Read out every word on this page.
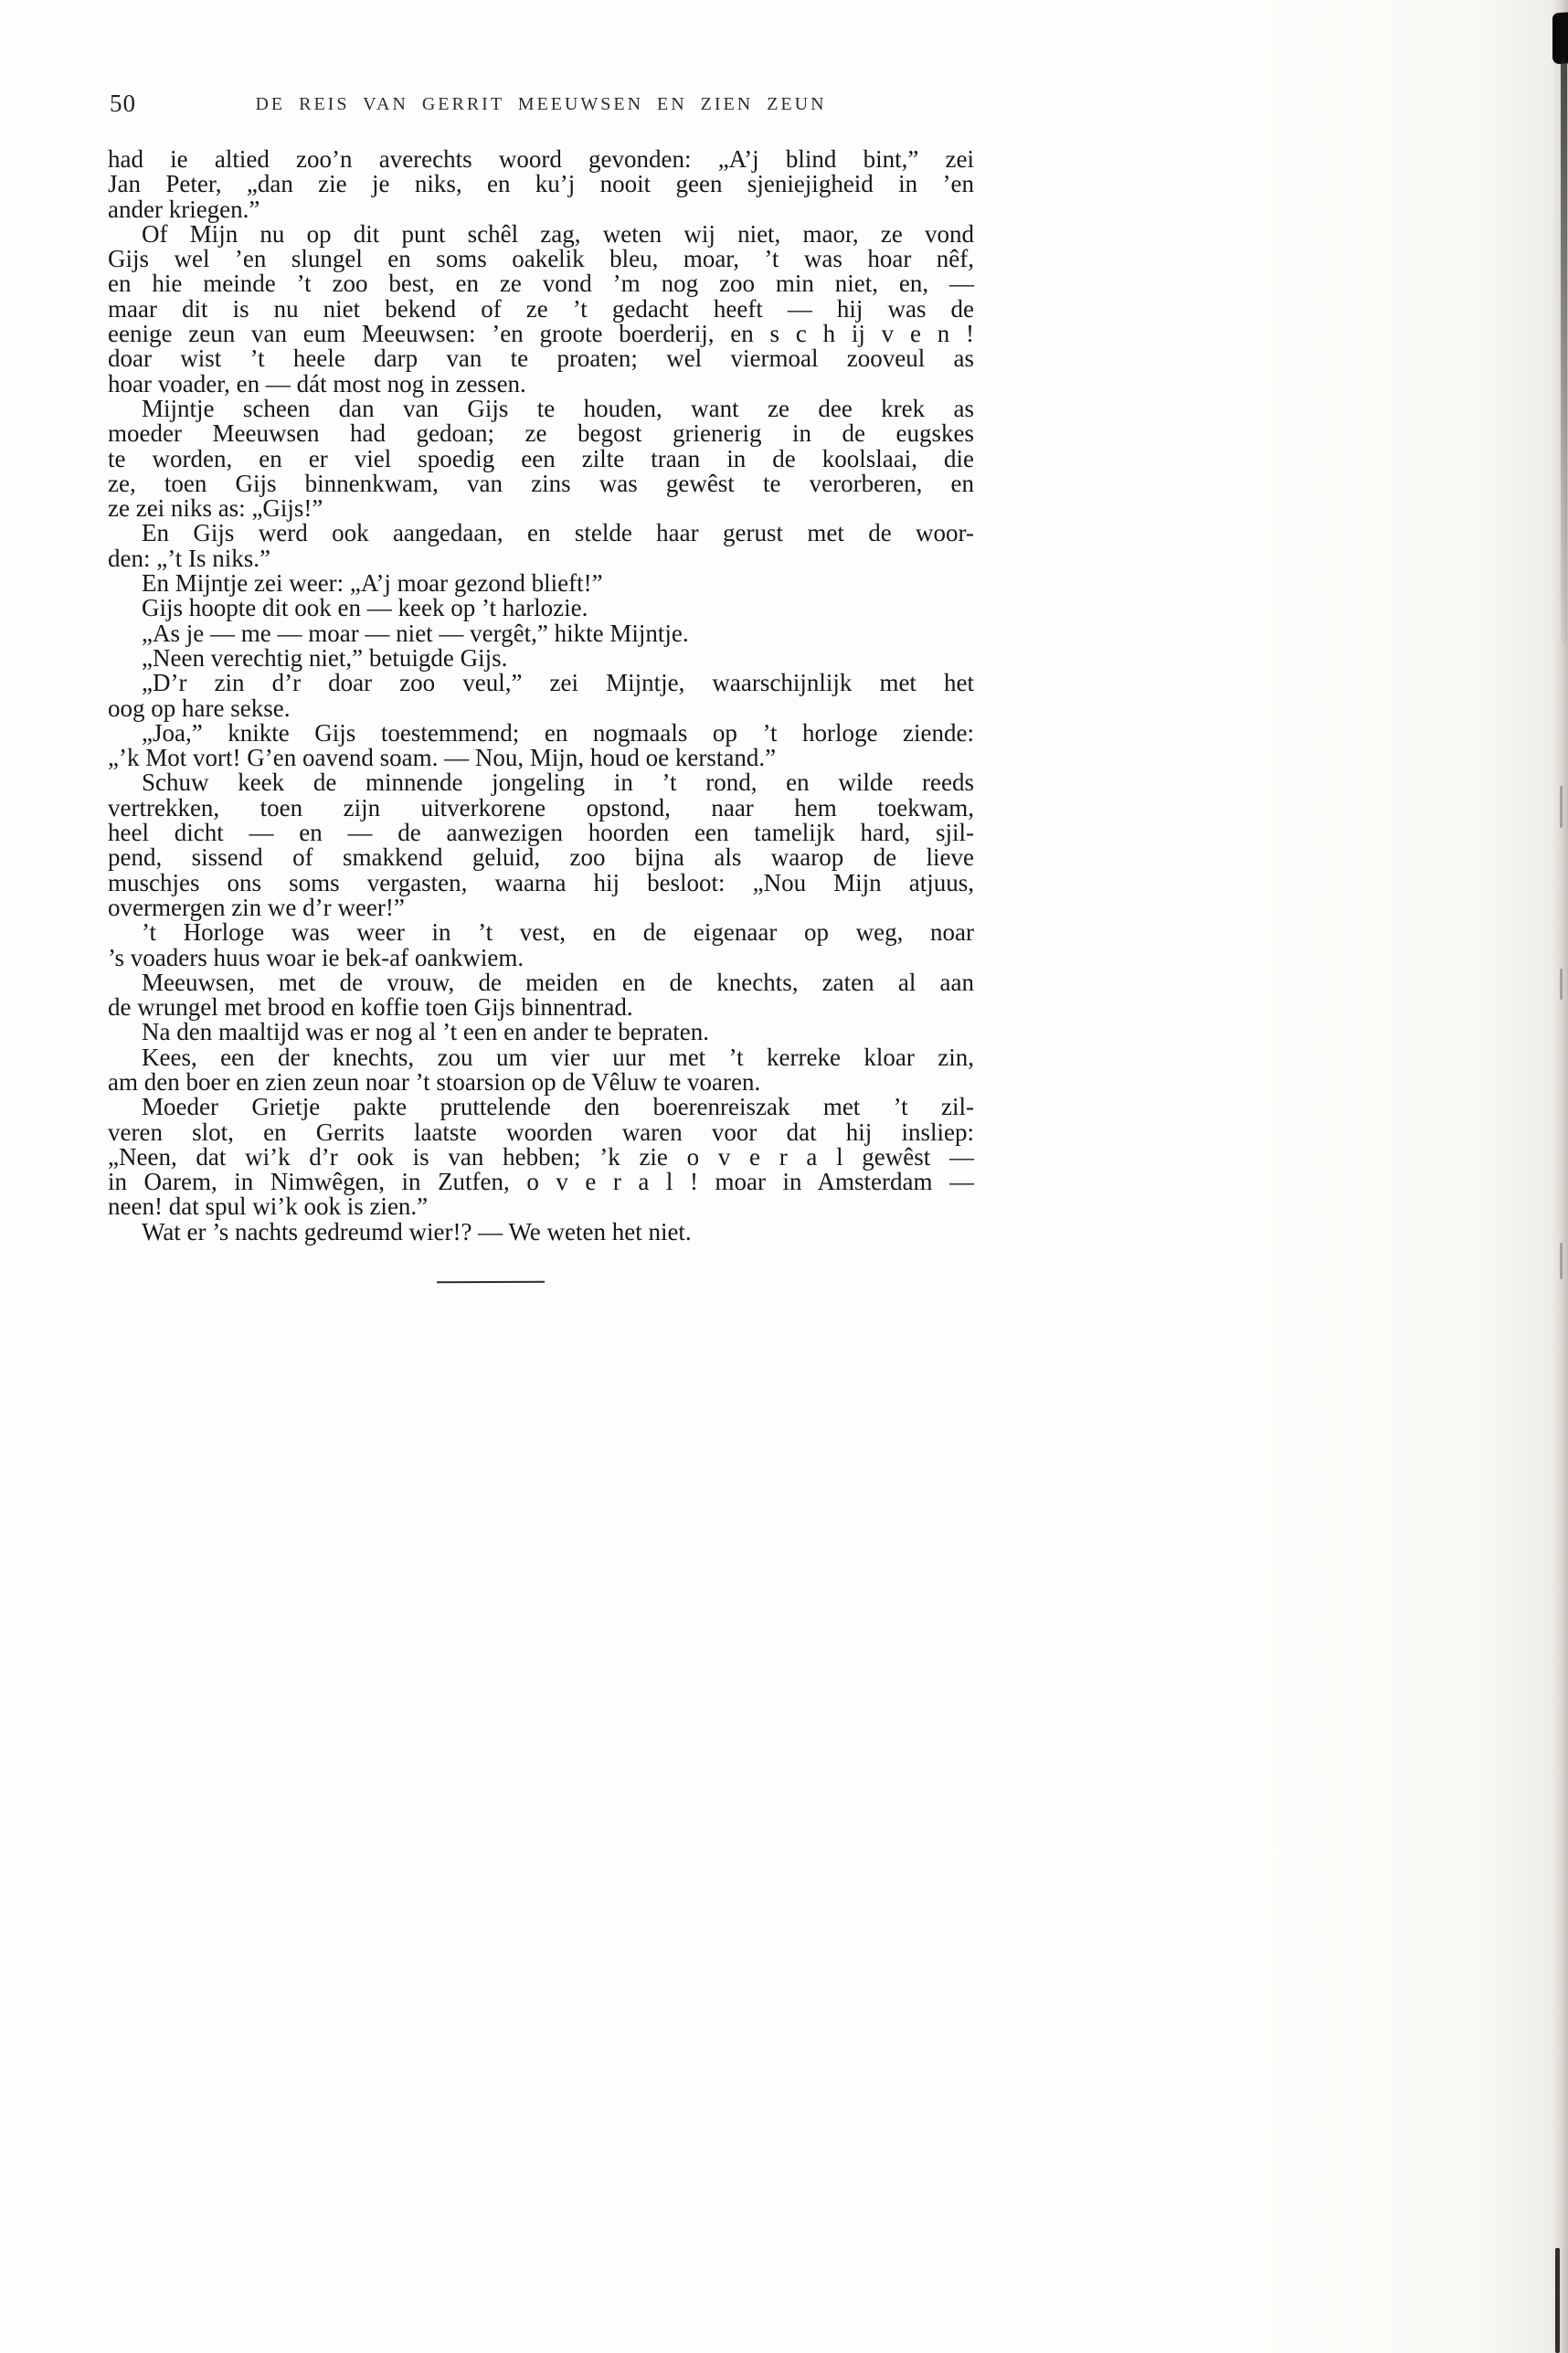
50	DE REIS VAN GERRIT MEEUWSEN EN ZIEN ZEUN
had ie altied zoo’n averechts woord gevonden: „A’j blind bint,” zei
Jan Peter, „dan zie je niks, en ku’j nooit geen sjeniejigheid in ’en
ander kriegen.”
Of Mijn nu op dit punt schêl zag, weten wij niet, maor, ze vond
Gijs wel ’en slungel en soms oakelik bleu, moar, ’t was hoar nêf,
en hie meinde ’t zoo best, en ze vond ’m nog zoo min niet, en, —
maar dit is nu niet bekend of ze ’t gedacht heeft — hij was de
eenige zeun van eum Meeuwsen: ’en groote boerderij, en s c h ij v e n !
doar wist ’t heele darp van te proaten; wel viermoal zooveul as
hoar voader, en — dát most nog in zessen.
Mijntje scheen dan van Gijs te houden, want ze dee krek as
moeder Meeuwsen had gedoan; ze begost grienerig in de eugskes
te worden, en er viel spoedig een zilte traan in de koolslaai, die
ze, toen Gijs binnenkwam, van zins was gewêst te verorberen, en
ze zei niks as: „Gijs!”
En Gijs werd ook aangedaan, en stelde haar gerust met de woor-
den: „’t Is niks.”
En Mijntje zei weer: „A’j moar gezond blieft!”
Gijs hoopte dit ook en — keek op ’t harlozie.
„As je — me — moar — niet — vergêt,” hikte Mijntje.
„Neen verechtig niet,” betuigde Gijs.
„D’r zin d’r doar zoo veul,” zei Mijntje, waarschijnlijk met het
oog op hare sekse.
„Joa,” knikte Gijs toestemmend; en nogmaals op ’t horloge ziende:
„’k Mot vort! G’en oavend soam. — Nou, Mijn, houd oe kerstand.”
Schuw keek de minnende jongeling in ’t rond, en wilde reeds
vertrekken, toen zijn uitverkorene opstond, naar hem toekwam,
heel dicht — en — de aanwezigen hoorden een tamelijk hard, sjil-
pend, sissend of smakkend geluid, zoo bijna als waarop de lieve
muschjes ons soms vergasten, waarna hij besloot: „Nou Mijn atjuus,
overmergen zin we d’r weer!”
’t Horloge was weer in ’t vest, en de eigenaar op weg, noar
’s voaders huus woar ie bek-af oankwiem.
Meeuwsen, met de vrouw, de meiden en de knechts, zaten al aan
de wrungel met brood en koffie toen Gijs binnentrad.
Na den maaltijd was er nog al ’t een en ander te bepraten.
Kees, een der knechts, zou um vier uur met ’t kerreke kloar zin,
am den boer en zien zeun noar ’t stoarsion op de Vêluw te voaren.
Moeder Grietje pakte pruttelende den boerenreiszak met ’t zil-
veren slot, en Gerrits laatste woorden waren voor dat hij insliep:
„Neen, dat wi’k d’r ook is van hebben; ’k zie o v e r a l gewêst —
in Oarem, in Nimwêgen, in Zutfen, o v e r a l ! moar in Amsterdam —
neen! dat spul wi’k ook is zien.”
Wat er ’s nachts gedreumd wier!? — We weten het niet.
